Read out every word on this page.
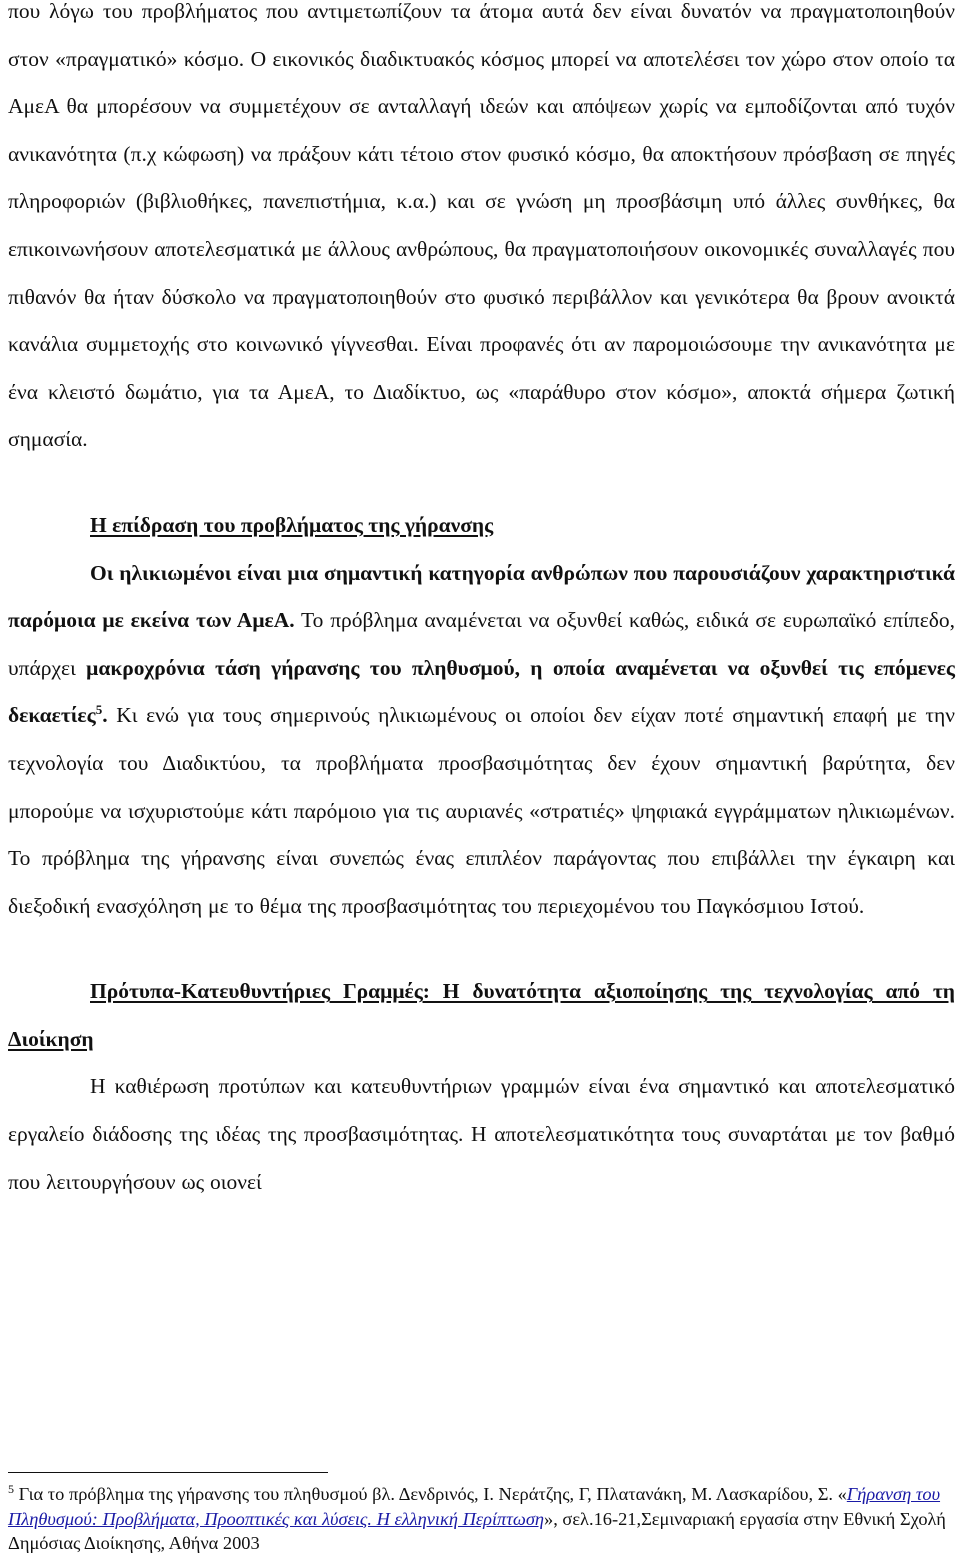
που λόγω του προβλήματος που αντιμετωπίζουν τα άτομα αυτά δεν είναι δυνατόν να πραγματοποιηθούν στον «πραγματικό» κόσμο. Ο εικονικός διαδικτυακός κόσμος μπορεί να αποτελέσει τον χώρο στον οποίο τα ΑμεΑ θα μπορέσουν να συμμετέχουν σε ανταλλαγή ιδεών και απόψεων χωρίς να εμποδίζονται από τυχόν ανικανότητα (π.χ κώφωση) να πράξουν κάτι τέτοιο στον φυσικό κόσμο, θα αποκτήσουν πρόσβαση σε πηγές πληροφοριών (βιβλιοθήκες, πανεπιστήμια, κ.α.) και σε γνώση μη προσβάσιμη υπό άλλες συνθήκες, θα επικοινωνήσουν αποτελεσματικά με άλλους ανθρώπους, θα πραγματοποιήσουν οικονομικές συναλλαγές που πιθανόν θα ήταν δύσκολο να πραγματοποιηθούν στο φυσικό περιβάλλον και γενικότερα θα βρουν ανοικτά κανάλια συμμετοχής στο κοινωνικό γίγνεσθαι. Είναι προφανές ότι αν παρομοιώσουμε την ανικανότητα με ένα κλειστό δωμάτιο, για τα ΑμεΑ, το Διαδίκτυο, ως «παράθυρο στον κόσμο», αποκτά σήμερα ζωτική σημασία.

Η επίδραση του προβλήματος της γήρανσης

Οι ηλικιωμένοι είναι μια σημαντική κατηγορία ανθρώπων που παρουσιάζουν χαρακτηριστικά παρόμοια με εκείνα των ΑμεΑ. Το πρόβλημα αναμένεται να οξυνθεί καθώς, ειδικά σε ευρωπαϊκό επίπεδο, υπάρχει μακροχρόνια τάση γήρανσης του πληθυσμού, η οποία αναμένεται να οξυνθεί τις επόμενες δεκαετίες$^5$. Κι ενώ για τους σημερινούς ηλικιωμένους οι οποίοι δεν είχαν ποτέ σημαντική επαφή με την τεχνολογία του Διαδικτύου, τα προβλήματα προσβασιμότητας δεν έχουν σημαντική βαρύτητα, δεν μπορούμε να ισχυριστούμε κάτι παρόμοιο για τις αυριανές «στρατιές» ψηφιακά εγγράμματων ηλικιωμένων. Το πρόβλημα της γήρανσης είναι συνεπώς ένας επιπλέον παράγοντας που επιβάλλει την έγκαιρη και διεξοδική ενασχόληση με το θέμα της προσβασιμότητας του περιεχομένου του Παγκόσμιου Ιστού.

Πρότυπα-Κατευθυντήριες Γραμμές: Η δυνατότητα αξιοποίησης της τεχνολογίας από τη Διοίκηση

Η καθιέρωση προτύπων και κατευθυντήριων γραμμών είναι ένα σημαντικό και αποτελεσματικό εργαλείο διάδοσης της ιδέας της προσβασιμότητας. Η αποτελεσματικότητα τους συναρτάται με τον βαθμό που λειτουργήσουν ως οιονεί

$^5$ Για το πρόβλημα της γήρανσης του πληθυσμού βλ. Δενδρινός, Ι. Νεράτζης, Γ, Πλατανάκη, Μ. Λασκαρίδου, Σ. «Γήρανση του Πληθυσμού: Προβλήματα, Προοπτικές και λύσεις. Η ελληνική Περίπτωση», σελ.16-21,Σεμιναριακή εργασία στην Εθνική Σχολή Δημόσιας Διοίκησης, Αθήνα 2003
